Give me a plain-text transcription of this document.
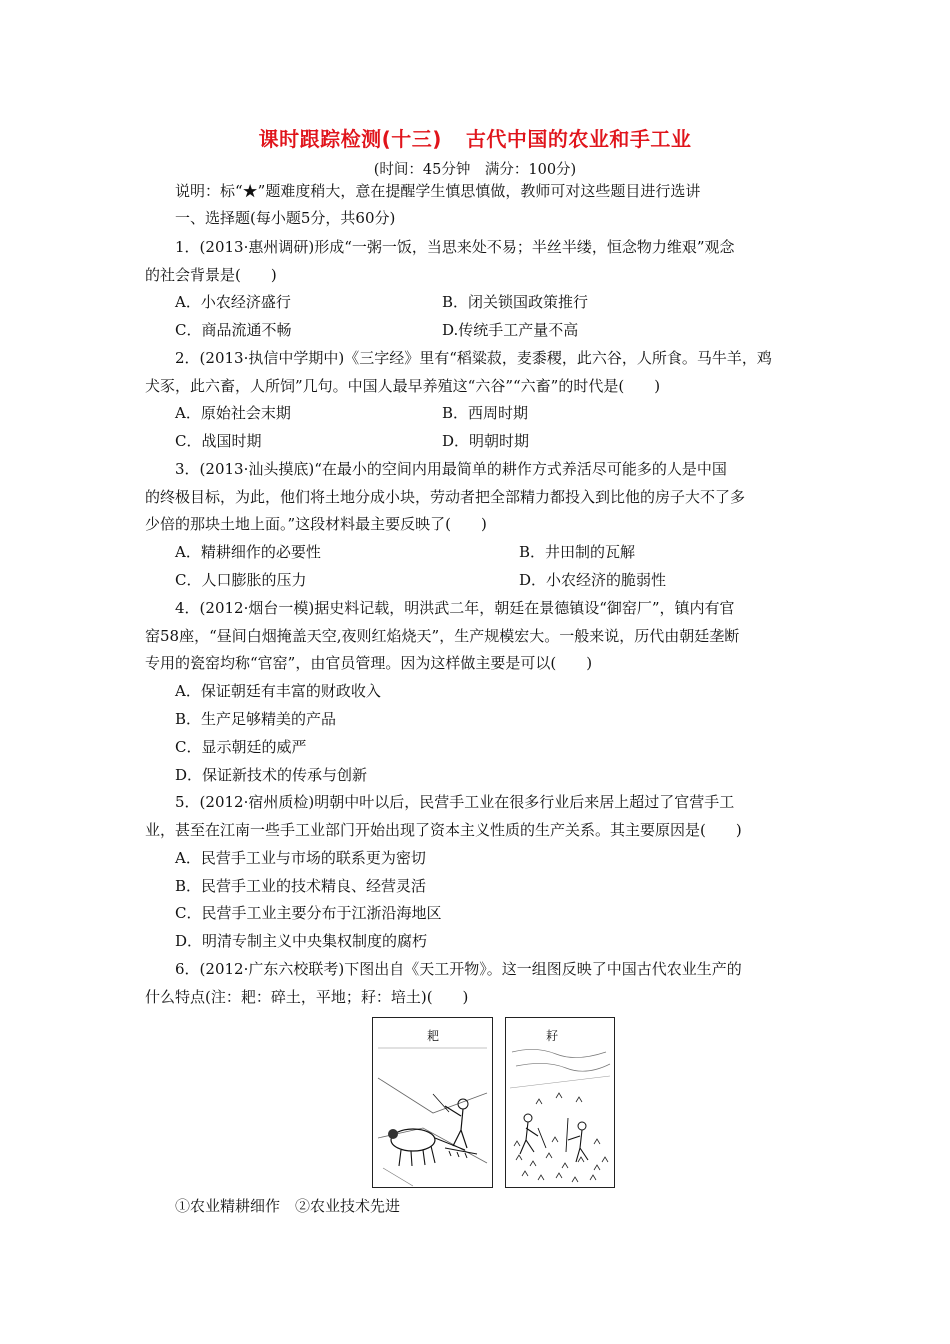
课时跟踪检测(十三) 古代中国的农业和手工业
(时间：45分钟　满分：100分)
说明：标“★”题难度稍大，意在提醒学生慎思慎做，教师可对这些题目进行选讲
一、选择题(每小题5分，共60分)
1．(2013·惠州调研)形成“一粥一饭，当思来处不易；半丝半缕，恒念物力维艰”观念
的社会背景是(　　)
A．小农经济盛行	B．闭关锁国政策推行
C．商品流通不畅	D.传统手工产量不高
2．(2013·执信中学期中)《三字经》里有“稻粱菽，麦黍稷，此六谷，人所食。马牛羊，鸡
犬豕，此六畜，人所饲”几句。中国人最早养殖这“六谷”“六畜”的时代是(　　)
A．原始社会末期	B．西周时期
C．战国时期	D．明朝时期
3．(2013·汕头摸底)“在最小的空间内用最简单的耕作方式养活尽可能多的人是中国
的终极目标，为此，他们将土地分成小块，劳动者把全部精力都投入到比他的房子大不了多
少倍的那块土地上面。”这段材料最主要反映了(　　)
A．精耕细作的必要性	B．井田制的瓦解
C．人口膨胀的压力	D．小农经济的脆弱性
4．(2012·烟台一模)据史料记载，明洪武二年，朝廷在景德镇设“御窑厂”，镇内有官
窑58座，“昼间白烟掩盖天空,夜则红焰烧天”，生产规模宏大。一般来说，历代由朝廷垄断
专用的瓷窑均称“官窑”，由官员管理。因为这样做主要是可以(　　)
A．保证朝廷有丰富的财政收入
B．生产足够精美的产品
C．显示朝廷的威严
D．保证新技术的传承与创新
5．(2012·宿州质检)明朝中叶以后，民营手工业在很多行业后来居上超过了官营手工
业，甚至在江南一些手工业部门开始出现了资本主义性质的生产关系。其主要原因是(　　)
A．民营手工业与市场的联系更为密切
B．民营手工业的技术精良、经营灵活
C．民营手工业主要分布于江浙沿海地区
D．明清专制主义中央集权制度的腐朽
6．(2012·广东六校联考)下图出自《天工开物》。这一组图反映了中国古代农业生产的
什么特点(注：耙：碎土，平地；耔：培土)(　　)
耙	耔
①农业精耕细作　②农业技术先进
